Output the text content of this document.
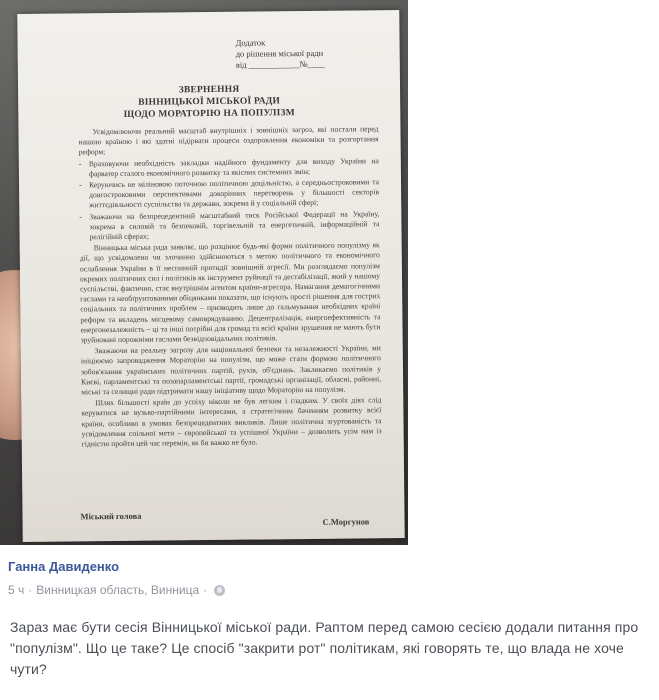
Додаток
до рішення міської ради
від ____________№____
ЗВЕРНЕННЯ
ВІННИЦЬКОЇ МІСЬКОЇ РАДИ
ЩОДО МОРАТОРІЮ НА ПОПУЛІЗМ

Усвідомлюючи реальний масштаб внутрішніх і зовнішніх загроз, які постали перед нашою країною і які здатні підірвати процеси оздоровлення економіки та розгортання реформ;

- Враховуючи необхідність закладки надійного фундаменту для виходу України на фарватер сталого економічного розвитку та якісних системних змін;

- Керуючись не міліновою поточною політичною доцільністю, а середньостроковими та довгостроковими перспективами докорінних перетворень у більшості секторів життєдіяльності суспільства та держави, зокрема й у соціальній сфері;

- Зважаючи на безпрецедентний масштабний тиск Російської Федерації на Україну, зокрема в силовій та безпековій, торгівельній та енергетичній, інформаційній та релігійній сферах;

Вінницька міська рада заявляє, що розцінює будь-які форми політичного популізму як дії, що усвідомлено чи злочинно здійснюються з метою політичного та економічного ослаблення України в її неспинній протидії зовнішній агресії. Ми розглядаємо популізм окремих політичних сил і політиків як інструмент руйнації та дестабілізації, який у нашому суспільстві, фактично, стає внутрішнім агентом країни-агресора. Намагання демагогічними гаслами та необґрунтованими обіцянками показати, що існують прості рішення для гострих соціальних та політичних проблем – призводять лише до гальмування необхідних країні реформ та вкладень місцевому самоврядуванню. Децентралізація, енергоефективність та енергонезалежність – ці та інші потрібні для громад та всієї країни зрушення не мають бути зруйновані порожніми гаслами безвідповідальних політиків.

Зважаючи на реальну загрозу для національної безпеки та незалежності України, ми ініціюємо запровадження Мораторію на популізм, що може стати формою політичного зобов'язання українських політичних партій, рухів, об'єднань. Закликаємо політиків у Києві, парламентські та позапарламентські партії, громадські організації, обласні, районні, міські та селищні ради підтримати нашу ініціативу щодо Мораторію на популізм.

Шлях більшості країн до успіху ніколи не був легким і гладким. У своїх діях слід керуватися не вузько-партійними інтересами, а стратегічним баченням розвитку всієї країни, особливо в умовах безпрецедентних викликів. Лише політична згуртованість та усвідомлення спільної мети – європейської та успішної України – дозволить усім нам із гідністю пройти цей час перемін, як би важко не було.

Міський голова
С.Моргунов
Ганна Давиденко
5 ч · Винницкая область, Винница ·
Зараз має бути сесія Вінницької міської ради. Раптом перед самою сесією додали питання про "популізм". Що це таке? Це спосіб "закрити рот" політикам, які говорять те, що влада не хоче чути?
